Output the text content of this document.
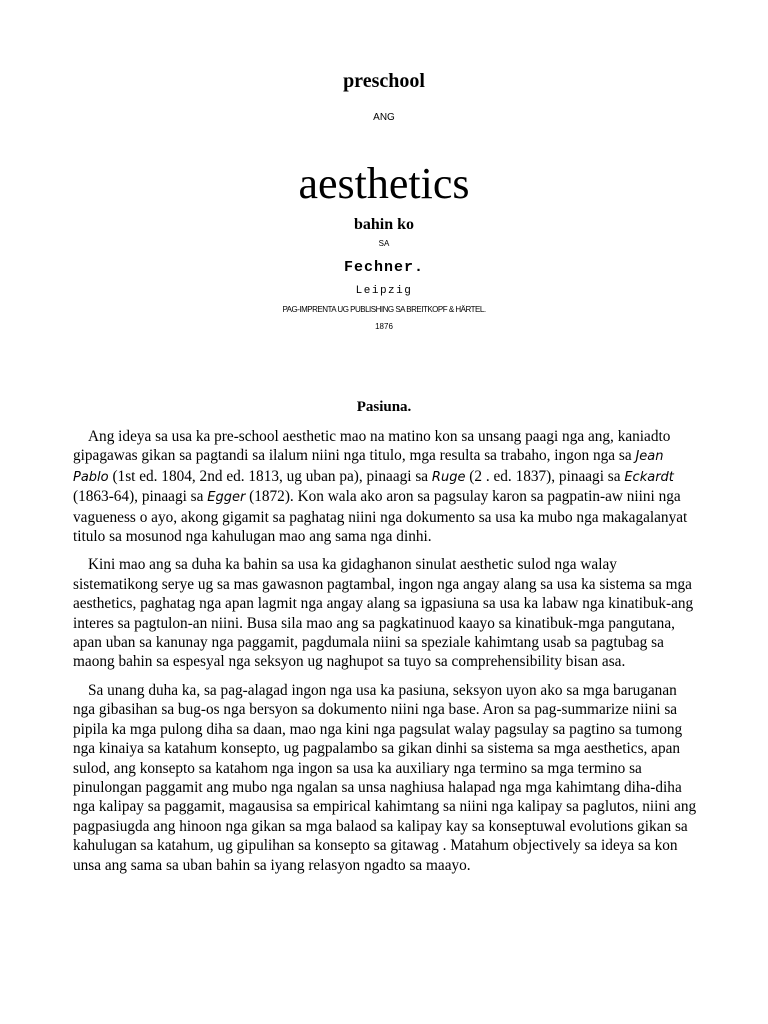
preschool
ANG
aesthetics
bahin ko
SA
Fechner.
Leipzig
PAG-IMPRENTA UG PUBLISHING SA BREITKOPF & HÄRTEL.
1876
Pasiuna.

Ang ideya sa usa ka pre-school aesthetic mao na matino kon sa unsang paagi nga ang, kaniadto gipagawas gikan sa pagtandi sa ilalum niini nga titulo, mga resulta sa trabaho, ingon nga sa Jean Pablo (1st ed. 1804, 2nd ed. 1813, ug uban pa), pinaagi sa Ruge (2 . ed. 1837), pinaagi sa Eckardt (1863-64), pinaagi sa Egger (1872). Kon wala ako aron sa pagsulay karon sa pagpatin-aw niini nga vagueness o ayo, akong gigamit sa paghatag niini nga dokumento sa usa ka mubo nga makagalanyat titulo sa mosunod nga kahulugan mao ang sama nga dinhi.

Kini mao ang sa duha ka bahin sa usa ka gidaghanon sinulat aesthetic sulod nga walay sistematikong serye ug sa mas gawasnon pagtambal, ingon nga angay alang sa usa ka sistema sa mga aesthetics, paghatag nga apan lagmit nga angay alang sa igpasiuna sa usa ka labaw nga kinatibuk-ang interes sa pagtulon-an niini. Busa sila mao ang sa pagkatinuod kaayo sa kinatibuk-mga pangutana, apan uban sa kanunay nga paggamit, pagdumala niini sa speziale kahimtang usab sa pagtubag sa maong bahin sa espesyal nga seksyon ug naghupot sa tuyo sa comprehensibility bisan asa.

Sa unang duha ka, sa pag-alagad ingon nga usa ka pasiuna, seksyon uyon ako sa mga baruganan nga gibasihan sa bug-os nga bersyon sa dokumento niini nga base. Aron sa pag-summarize niini sa pipila ka mga pulong diha sa daan, mao nga kini nga pagsulat walay pagsulay sa pagtino sa tumong nga kinaiya sa katahum konsepto, ug pagpalambo sa gikan dinhi sa sistema sa mga aesthetics, apan sulod, ang konsepto sa katahom nga ingon sa usa ka auxiliary nga termino sa mga termino sa pinulongan paggamit ang mubo nga ngalan sa unsa naghiusa halapad nga mga kahimtang diha-diha nga kalipay sa paggamit, magausisa sa empirical kahimtang sa niini nga kalipay sa paglutos, niini ang pagpasiugda ang hinoon nga gikan sa mga balaod sa kalipay kay sa konseptuwal evolutions gikan sa kahulugan sa katahum, ug gipulihan sa konsepto sa gitawag . Matahum objectively sa ideya sa kon unsa ang sama sa uban bahin sa iyang relasyon ngadto sa maayo.
